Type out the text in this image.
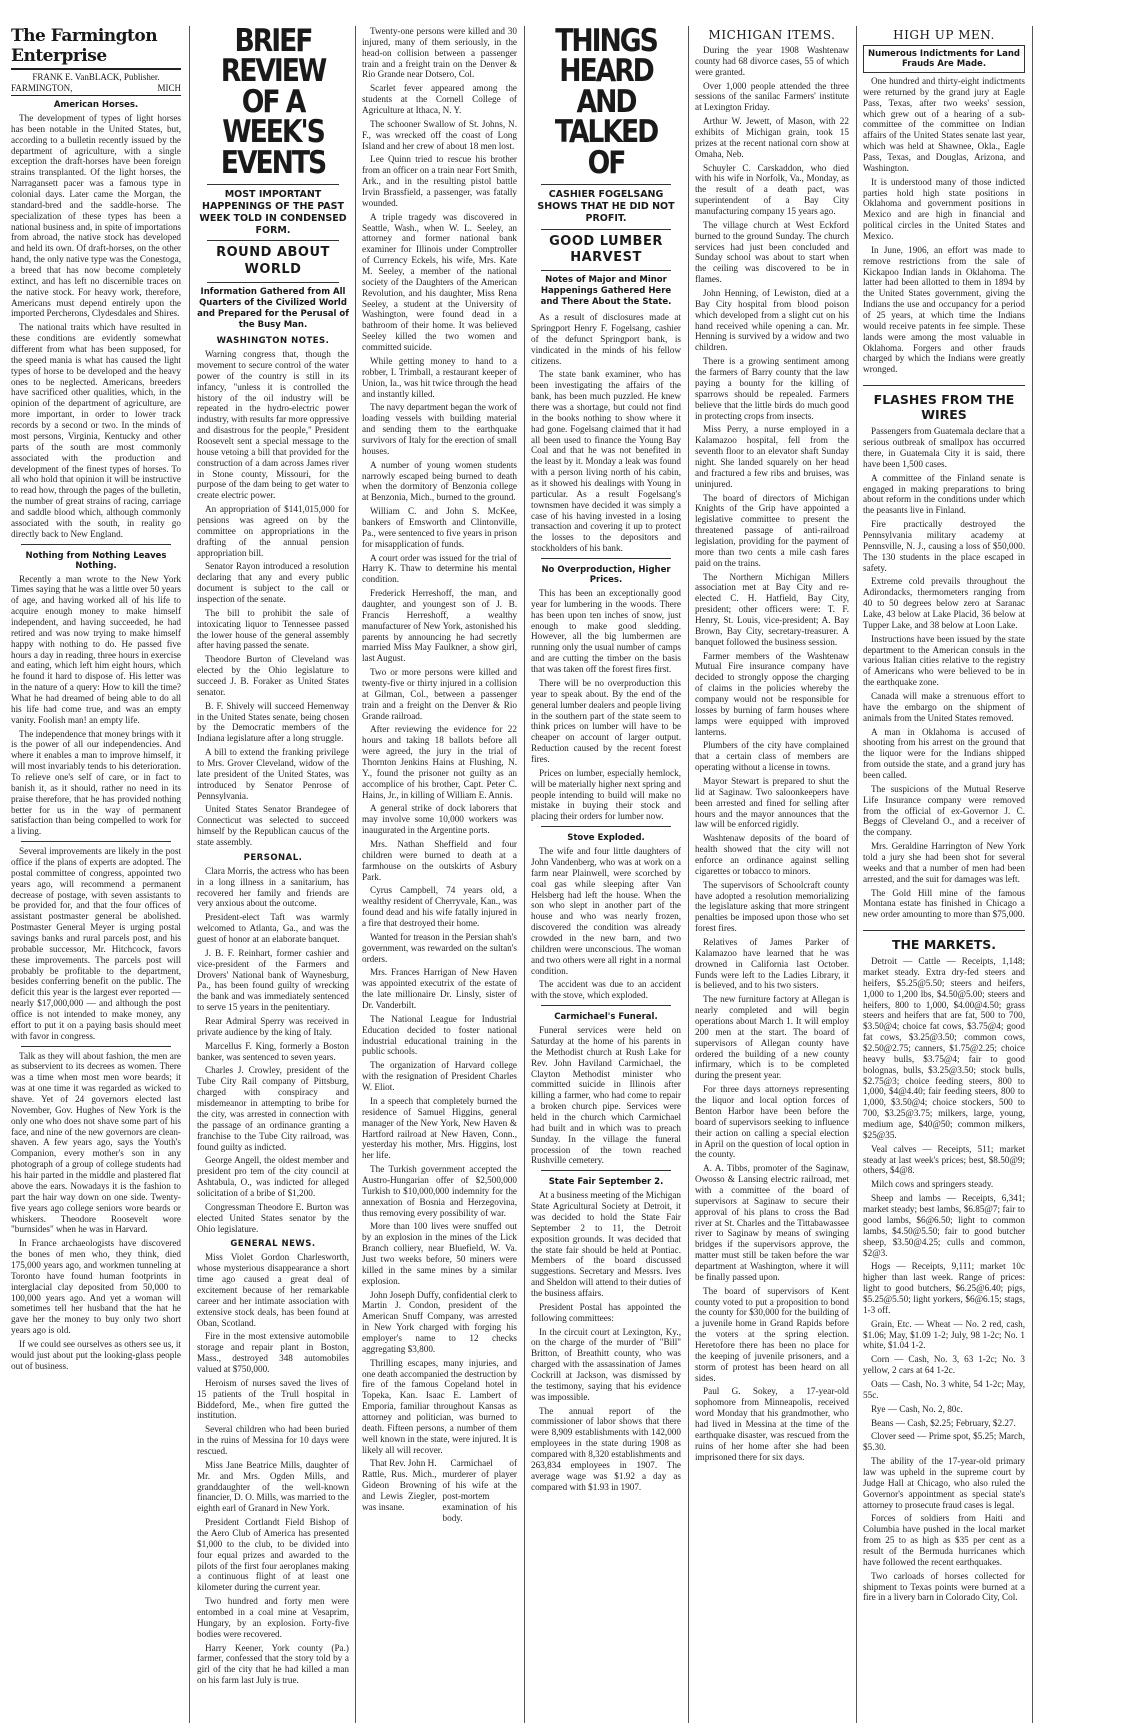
The Farmington Enterprise
FRANK E. VanBLACK, Publisher.
FARMINGTON,	MICH
American Horses.

The development of types of light horses has been notable in the United States, but, according to a bulletin recently issued by the department of agriculture, with a single exception the draft-horses have been foreign strains transplanted. Of the light horses, the Narragansett pacer was a famous type in colonial days. Later came the Morgan, the standard-bred and the saddle-horse. The specialization of these types has been a national business and, in spite of importations from abroad, the native stock has developed and held its own. Of draft-horses, on the other hand, the only native type was the Conestoga, a breed that has now become completely extinct, and has left no discernible traces on the native stock. For heavy work, therefore, Americans must depend entirely upon the imported Percherons, Clydesdales and Shires.

The national traits which have resulted in these conditions are evidently somewhat different from what has been supposed, for the speed mania is what has caused the light types of horse to be developed and the heavy ones to be neglected. Americans, breeders have sacrificed other qualities, which, in the opinion of the department of agriculture, are more important, in order to lower track records by a second or two. In the minds of most persons, Virginia, Kentucky and other parts of the south are most commonly associated with the production and development of the finest types of horses. To all who hold that opinion it will be instructive to read how, through the pages of the bulletin, the number of great strains of racing, carriage and saddle blood which, although commonly associated with the south, in reality go directly back to New England.

Nothing from Nothing Leaves Nothing.

Recently a man wrote to the New York Times saying that he was a little over 50 years of age, and having worked all of his life to acquire enough money to make himself independent, and having succeeded, he had retired and was now trying to make himself happy with nothing to do. He passed five hours a day in reading, three hours in exercise and eating, which left him eight hours, which he found it hard to dispose of. His letter was in the nature of a query: How to kill the time? What he had dreamed of being able to do all his life had come true, and was an empty vanity. Foolish man! an empty life.

The independence that money brings with it is the power of all our independencies. And where it enables a man to improve himself, it will most invariably tends to his deterioration. To relieve one's self of care, or in fact to banish it, as it should, rather no need in its praise therefore, that he has provided nothing better for us in the way of permanent satisfaction than being compelled to work for a living.

Several improvements are likely in the post office if the plans of experts are adopted. The postal committee of congress, appointed two years ago, will recommend a permanent decrease of postage, with seven assistants to be provided for, and that the four offices of assistant postmaster general be abolished. Postmaster General Meyer is urging postal savings banks and rural parcels post, and his probable successor, Mr. Hitchcock, favors these improvements. The parcels post will probably be profitable to the department, besides conferring benefit on the public. The deficit this year is the largest ever reported — nearly $17,000,000 — and although the post office is not intended to make money, any effort to put it on a paying basis should meet with favor in congress.

Talk as they will about fashion, the men are as subservient to its decrees as women. There was a time when most men wore beards; it was at one time it was regarded as wicked to shave. Yet of 24 governors elected last November, Gov. Hughes of New York is the only one who does not shave some part of his face, and nine of the new governors are clean-shaven. A few years ago, says the Youth's Companion, every mother's son in any photograph of a group of college students had his hair parted in the middle and plastered flat above the ears. Nowadays it is the fashion to part the hair way down on one side. Twenty-five years ago college seniors wore beards or whiskers. Theodore Roosevelt wore "burnsides" when he was in Harvard.

In France archaeologists have discovered the bones of men who, they think, died 175,000 years ago, and workmen tunneling at Toronto have found human footprints in interglacial clay deposited from 50,000 to 100,000 years ago. And yet a woman will sometimes tell her husband that the hat he gave her the money to buy only two short years ago is old.

If we could see ourselves as others see us, it would just about put the looking-glass people out of business.

BRIEF REVIEW OF A WEEK'S EVENTS
MOST IMPORTANT HAPPENINGS OF THE PAST WEEK TOLD IN CONDENSED FORM.
ROUND ABOUT WORLD
Information Gathered from All Quarters of the Civilized World and Prepared for the Perusal of the Busy Man.
WASHINGTON NOTES.

Warning congress that, though the movement to secure control of the water power of the country is still in its infancy, "unless it is controlled the history of the oil industry will be repeated in the hydro-electric power industry, with results far more oppressive and disastrous for the people," President Roosevelt sent a special message to the house vetoing a bill that provided for the construction of a dam across James river in Stone county, Missouri, for the purpose of the dam being to get water to create electric power.

An appropriation of $141,015,000 for pensions was agreed on by the committee on appropriations in the drafting of the annual pension appropriation bill.

Senator Rayon introduced a resolution declaring that any and every public document is subject to the call or inspection of the senate.

The bill to prohibit the sale of intoxicating liquor to Tennessee passed the lower house of the general assembly after having passed the senate.

Theodore Burton of Cleveland was elected by the Ohio legislature to succeed J. B. Foraker as United States senator.

B. F. Shively will succeed Hemenway in the United States senate, being chosen by the Democratic members of the Indiana legislature after a long struggle.

A bill to extend the franking privilege to Mrs. Grover Cleveland, widow of the late president of the United States, was introduced by Senator Penrose of Pennsylvania.

United States Senator Brandegee of Connecticut was selected to succeed himself by the Republican caucus of the state assembly.

PERSONAL.

Clara Morris, the actress who has been in a long illness in a sanitarium, has recovered her family and friends are very anxious about the outcome.

President-elect Taft was warmly welcomed to Atlanta, Ga., and was the guest of honor at an elaborate banquet.

J. B. F. Reinhart, former cashier and vice-president of the Farmers and Drovers' National bank of Waynesburg, Pa., has been found guilty of wrecking the bank and was immediately sentenced to serve 15 years in the penitentiary.

Rear Admiral Sperry was received in private audience by the king of Italy.

Marcellus F. King, formerly a Boston banker, was sentenced to seven years.

Charles J. Crowley, president of the Tube City Rail company of Pittsburg, charged with conspiracy and misdemeanor in attempting to bribe for the city, was arrested in connection with the passage of an ordinance granting a franchise to the Tube City railroad, was found guilty as indicted.

George Angell, the oldest member and president pro tem of the city council at Ashtabula, O., was indicted for alleged solicitation of a bribe of $1,200.

Congressman Theodore E. Burton was elected United States senator by the Ohio legislature.

GENERAL NEWS.

Miss Violet Gordon Charlesworth, whose mysterious disappearance a short time ago caused a great deal of excitement because of her remarkable career and her intimate association with extensive stock deals, has been found at Oban, Scotland.

Fire in the most extensive automobile storage and repair plant in Boston, Mass., destroyed 348 automobiles valued at $750,000.

Heroism of nurses saved the lives of 15 patients of the Trull hospital in Biddeford, Me., when fire gutted the institution.

Several children who had been buried in the ruins of Messina for 10 days were rescued.

Miss Jane Beatrice Mills, daughter of Mr. and Mrs. Ogden Mills, and granddaughter of the well-known financier, D. O. Mills, was married to the eighth earl of Granard in New York.

President Cortlandt Field Bishop of the Aero Club of America has presented $1,000 to the club, to be divided into four equal prizes and awarded to the pilots of the first four aeroplanes making a continuous flight of at least one kilometer during the current year.

Two hundred and forty men were entombed in a coal mine at Vesaprim, Hungary, by an explosion. Forty-five bodies were recovered.

Harry Keener, York county (Pa.) farmer, confessed that the story told by a girl of the city that he had killed a man on his farm last July is true.

Twenty-one persons were killed and 30 injured, many of them seriously, in the head-on collision between a passenger train and a freight train on the Denver & Rio Grande near Dotsero, Col.

Scarlet fever appeared among the students at the Cornell College of Agriculture at Ithaca, N. Y.

The schooner Swallow of St. Johns, N. F., was wrecked off the coast of Long Island and her crew of about 18 men lost.

Lee Quinn tried to rescue his brother from an officer on a train near Fort Smith, Ark., and in the resulting pistol battle Irvin Brassfield, a passenger, was fatally wounded.

A triple tragedy was discovered in Seattle, Wash., when W. L. Seeley, an attorney and former national bank examiner for Illinois under Comptroller of Currency Eckels, his wife, Mrs. Kate M. Seeley, a member of the national society of the Daughters of the American Revolution, and his daughter, Miss Rena Seeley, a student at the University of Washington, were found dead in a bathroom of their home. It was believed Seeley killed the two women and committed suicide.

While getting money to hand to a robber, I. Trimball, a restaurant keeper of Union, Ia., was hit twice through the head and instantly killed.

The navy department began the work of loading vessels with building material and sending them to the earthquake survivors of Italy for the erection of small houses.

A number of young women students narrowly escaped being burned to death when the dormitory of Benzonia college at Benzonia, Mich., burned to the ground.

William C. and John S. McKee, bankers of Emsworth and Clintonville, Pa., were sentenced to five years in prison for misapplication of funds.

A court order was issued for the trial of Harry K. Thaw to determine his mental condition.

Frederick Herreshoff, the man, and daughter, and youngest son of J. B. Francis Herreshoff, a wealthy manufacturer of New York, astonished his parents by announcing he had secretly married Miss May Faulkner, a show girl, last August.

Two or more persons were killed and twenty-five or thirty injured in a collision at Gilman, Col., between a passenger train and a freight on the Denver & Rio Grande railroad.

After reviewing the evidence for 22 hours and taking 18 ballots before all were agreed, the jury in the trial of Thornton Jenkins Hains at Flushing, N. Y., found the prisoner not guilty as an accomplice of his brother, Capt. Peter C. Hains, Jr., in killing of William E. Annis.

A general strike of dock laborers that may involve some 10,000 workers was inaugurated in the Argentine ports.

Mrs. Nathan Sheffield and four children were burned to death at a farmhouse on the outskirts of Asbury Park.

Cyrus Campbell, 74 years old, a wealthy resident of Cherryvale, Kan., was found dead and his wife fatally injured in a fire that destroyed their home.

Wanted for treason in the Persian shah's government, was rewarded on the sultan's orders.

Mrs. Frances Harrigan of New Haven was appointed executrix of the estate of the late millionaire Dr. Linsly, sister of Dr. Vanderbilt.

The National League for Industrial Education decided to foster national industrial educational training in the public schools.

The organization of Harvard college with the resignation of President Charles W. Eliot.

In a speech that completely burned the residence of Samuel Higgins, general manager of the New York, New Haven & Hartford railroad at New Haven, Conn., yesterday his mother, Mrs. Higgins, lost her life.

The Turkish government accepted the Austro-Hungarian offer of $2,500,000 Turkish to $10,000,000 indemnity for the annexation of Bosnia and Herzegovina, thus removing every possibility of war.

More than 100 lives were snuffed out by an explosion in the mines of the Lick Branch colliery, near Bluefield, W. Va. Just two weeks before, 50 miners were killed in the same mines by a similar explosion.

John Joseph Duffy, confidential clerk to Martin J. Condon, president of the American Snuff Company, was arrested in New York charged with forging his employer's name to 12 checks aggregating $3,800.

Thrilling escapes, many injuries, and one death accompanied the destruction by fire of the famous Copeland hotel in Topeka, Kan. Isaac E. Lambert of Emporia, familiar throughout Kansas as attorney and politician, was burned to death. Fifteen persons, a number of them well known in the state, were injured. It is likely all will recover.

That Rev. John H. Rattle, Rus. Mich., Gideon Browning and Lewis Ziegler, was insane.

Carmichael of murderer of player of his wife at the post-mortem examination of his body.

THINGS HEARD AND TALKED OF
CASHIER FOGELSANG SHOWS THAT HE DID NOT PROFIT.
GOOD LUMBER HARVEST
Notes of Major and Minor Happenings Gathered Here and There About the State.

As a result of disclosures made at Springport Henry F. Fogelsang, cashier of the defunct Springport bank, is vindicated in the minds of his fellow citizens.

The state bank examiner, who has been investigating the affairs of the bank, has been much puzzled. He knew there was a shortage, but could not find in the books nothing to show where it had gone. Fogelsang claimed that it had all been used to finance the Young Bay Coal and that he was not benefited in the least by it. Monday a leak was found with a person living north of his cabin, as it showed his dealings with Young in particular. As a result Fogelsang's townsmen have decided it was simply a case of his having invested in a losing transaction and covering it up to protect the losses to the depositors and stockholders of his bank.

No Overproduction, Higher Prices.

This has been an exceptionally good year for lumbering in the woods. There has been upon ten inches of snow, just enough to make good sledding. However, all the big lumbermen are running only the usual number of camps and are cutting the timber on the basis that was taken off the forest fires first.

There will be no overproduction this year to speak about. By the end of the general lumber dealers and people living in the southern part of the state seem to think prices on lumber will have to be cheaper on account of larger output. Reduction caused by the recent forest fires.

Prices on lumber, especially hemlock, will be materially higher next spring and people intending to build will make no mistake in buying their stock and placing their orders for lumber now.

Stove Exploded.

The wife and four little daughters of John Vandenberg, who was at work on a farm near Plainwell, were scorched by coal gas while sleeping after Van Helsberg had left the house. When the son who slept in another part of the house and who was nearly frozen, discovered the condition was already crowded in the new barn, and two children were unconscious. The woman and two others were all right in a normal condition.

The accident was due to an accident with the stove, which exploded.

Carmichael's Funeral.

Funeral services were held on Saturday at the home of his parents in the Methodist church at Rush Lake for Rev. John Haviland Carmichael, the Clayton Methodist minister who committed suicide in Illinois after killing a farmer, who had come to repair a broken church pipe. Services were held in the church which Carmichael had built and in which was to preach Sunday. In the village the funeral procession of the town reached Rushville cemetery.

State Fair September 2.

At a business meeting of the Michigan State Agricultural Society at Detroit, it was decided to hold the State Fair September 2 to 11, the Detroit exposition grounds. It was decided that the state fair should be held at Pontiac. Members of the board discussed suggestions. Secretary and Messrs. Ives and Sheldon will attend to their duties of the business affairs.

President Postal has appointed the following committees:

In the circuit court at Lexington, Ky., on the charge of the murder of "Bill" Britton, of Breathitt county, who was charged with the assassination of James Cockrill at Jackson, was dismissed by the testimony, saying that his evidence was impossible.

The annual report of the commissioner of labor shows that there were 8,909 establishments with 142,000 employees in the state during 1908 as compared with 8,320 establishments and 263,834 employees in 1907. The average wage was $1.92 a day as compared with $1.93 in 1907.

MICHIGAN ITEMS.

During the year 1908 Washtenaw county had 68 divorce cases, 55 of which were granted.

Over 1,000 people attended the three sessions of the sanilac Farmers' institute at Lexington Friday.

Arthur W. Jewett, of Mason, with 22 exhibits of Michigan grain, took 15 prizes at the recent national corn show at Omaha, Neb.

Schuyler C. Carskaddon, who died with his wife in Norfolk, Va., Monday, as the result of a death pact, was superintendent of a Bay City manufacturing company 15 years ago.

The village church at West Eckford burned to the ground Sunday. The church services had just been concluded and Sunday school was about to start when the ceiling was discovered to be in flames.

John Henning, of Lewiston, died at a Bay City hospital from blood poison which developed from a slight cut on his hand received while opening a can. Mr. Henning is survived by a widow and two children.

There is a growing sentiment among the farmers of Barry county that the law paying a bounty for the killing of sparrows should be repealed. Farmers believe that the little birds do much good in protecting crops from insects.

Miss Perry, a nurse employed in a Kalamazoo hospital, fell from the seventh floor to an elevator shaft Sunday night. She landed squarely on her head and fractured a few ribs and bruises, was uninjured.

The board of directors of Michigan Knights of the Grip have appointed a legislative committee to present the threatened passage of anti-railroad legislation, providing for the payment of more than two cents a mile cash fares paid on the trains.

The Northern Michigan Millers association met at Bay City and re-elected C. H. Hatfield, Bay City, president; other officers were: T. F. Henry, St. Louis, vice-president; A. Bay Brown, Bay City, secretary-treasurer. A banquet followed the business session.

Farmer members of the Washtenaw Mutual Fire insurance company have decided to strongly oppose the charging of claims in the policies whereby the company would not be responsible for losses by burning of farm houses where lamps were equipped with improved lanterns.

Plumbers of the city have complained that a certain class of members are operating without a license in towns.

Mayor Stewart is prepared to shut the lid at Saginaw. Two saloonkeepers have been arrested and fined for selling after hours and the mayor announces that the law will be enforced rigidly.

Washtenaw deposits of the board of health showed that the city will not enforce an ordinance against selling cigarettes or tobacco to minors.

The supervisors of Schoolcraft county have adopted a resolution memorializing the legislature asking that more stringent penalties be imposed upon those who set forest fires.

Relatives of James Parker of Kalamazoo have learned that he was drowned in California last October. Funds were left to the Ladies Library, it is believed, and to his two sisters.

The new furniture factory at Allegan is nearly completed and will begin operations about March 1. It will employ 200 men at the start. The board of supervisors of Allegan county have ordered the building of a new county infirmary, which is to be completed during the present year.

For three days attorneys representing the liquor and local option forces of Benton Harbor have been before the board of supervisors seeking to influence their action on calling a special election in April on the question of local option in the county.

A. A. Tibbs, promoter of the Saginaw, Owosso & Lansing electric railroad, met with a committee of the board of supervisors at Saginaw to secure their approval of his plans to cross the Bad river at St. Charles and the Tittabawassee river to Saginaw by means of swinging bridges if the supervisors approve, the matter must still be taken before the war department at Washington, where it will be finally passed upon.

The board of supervisors of Kent county voted to put a proposition to bond the county for $30,000 for the building of a juvenile home in Grand Rapids before the voters at the spring election. Heretofore there has been no place for the keeping of juvenile prisoners, and a storm of protest has been heard on all sides.

Paul G. Sokey, a 17-year-old sophomore from Minneapolis, received word Monday that his grandmother, who had lived in Messina at the time of the earthquake disaster, was rescued from the ruins of her home after she had been imprisoned there for six days.

HIGH UP MEN.
Numerous Indictments for Land Frauds Are Made.

One hundred and thirty-eight indictments were returned by the grand jury at Eagle Pass, Texas, after two weeks' session, which grew out of a hearing of a sub-committee of the committee on Indian affairs of the United States senate last year, which was held at Shawnee, Okla., Eagle Pass, Texas, and Douglas, Arizona, and Washington.

It is understood many of those indicted parties hold high state positions in Oklahoma and government positions in Mexico and are high in financial and political circles in the United States and Mexico.

In June, 1906, an effort was made to remove restrictions from the sale of Kickapoo Indian lands in Oklahoma. The latter had been allotted to them in 1894 by the United States government, giving the Indians the use and occupancy for a period of 25 years, at which time the Indians would receive patents in fee simple. These lands were among the most valuable in Oklahoma. Forgers and other frauds charged by which the Indians were greatly wronged.

FLASHES FROM THE WIRES

Passengers from Guatemala declare that a serious outbreak of smallpox has occurred there, in Guatemala City it is said, there have been 1,500 cases.

A committee of the Finland senate is engaged in making preparations to bring about reform in the conditions under which the peasants live in Finland.

Fire practically destroyed the Pennsylvania military academy at Pennsville, N. J., causing a loss of $50,000. The 130 students in the place escaped in safety.

Extreme cold prevails throughout the Adirondacks, thermometers ranging from 40 to 50 degrees below zero at Saranac Lake, 43 below at Lake Placid, 36 below at Tupper Lake, and 38 below at Loon Lake.

Instructions have been issued by the state department to the American consuls in the various Italian cities relative to the registry of Americans who were believed to be in the earthquake zone.

Canada will make a strenuous effort to have the embargo on the shipment of animals from the United States removed.

A man in Oklahoma is accused of shooting from his arrest on the ground that the liquor were for the Indians shipped from outside the state, and a grand jury has been called.

The suspicions of the Mutual Reserve Life Insurance company were removed from the official of ex-Governor J. C. Beggs of Cleveland O., and a receiver of the company.

Mrs. Geraldine Harrington of New York told a jury she had been shot for several weeks and that a number of men had been arrested, and the suit for damages was left.

The Gold Hill mine of the famous Montana estate has finished in Chicago a new order amounting to more than $75,000.

THE MARKETS.

Detroit — Cattle — Receipts, 1,148; market steady. Extra dry-fed steers and heifers, $5.25@5.50; steers and heifers, 1,000 to 1,200 lbs, $4.50@5.00; steers and heifers, 800 to 1,000, $4.00@4.50; grass steers and heifers that are fat, 500 to 700, $3.50@4; choice fat cows, $3.75@4; good fat cows, $3.25@3.50; common cows, $2.50@2.75; canners, $1.75@2.25; choice heavy bulls, $3.75@4; fair to good bolognas, bulls, $3.25@3.50; stock bulls, $2.75@3; choice feeding steers, 800 to 1,000, $4@4.40; fair feeding steers, 800 to 1,000, $3.50@4; choice stockers, 500 to 700, $3.25@3.75; milkers, large, young, medium age, $40@50; common milkers, $25@35.

Veal calves — Receipts, 511; market steady at last week's prices; best, $8.50@9; others, $4@8.

Milch cows and springers steady.

Sheep and lambs — Receipts, 6,341; market steady; best lambs, $6.85@7; fair to good lambs, $6@6.50; light to common lambs, $4.50@5.50; fair to good butcher sheep, $3.50@4.25; culls and common, $2@3.

Hogs — Receipts, 9,111; market 10c higher than last week. Range of prices: light to good butchers, $6.25@6.40; pigs, $5.25@5.50; light yorkers, $6@6.15; stags, 1-3 off.

Grain, Etc. — Wheat — No. 2 red, cash, $1.06; May, $1.09 1-2; July, 98 1-2c; No. 1 white, $1.04 1-2.

Corn — Cash, No. 3, 63 1-2c; No. 3 yellow, 2 cars at 64 1-2c.

Oats — Cash, No. 3 white, 54 1-2c; May, 55c.

Rye — Cash, No. 2, 80c.

Beans — Cash, $2.25; February, $2.27.

Clover seed — Prime spot, $5.25; March, $5.30.

The ability of the 17-year-old primary law was upheld in the supreme court by Judge Hall at Chicago, who also ruled the Governor's appointment as special state's attorney to prosecute fraud cases is legal.

Forces of soldiers from Haiti and Columbia have pushed in the local market from 25 to as high as $35 per cent as a result of the Bermuda hurricanes which have followed the recent earthquakes.

Two carloads of horses collected for shipment to Texas points were burned at a fire in a livery barn in Colorado City, Col.
